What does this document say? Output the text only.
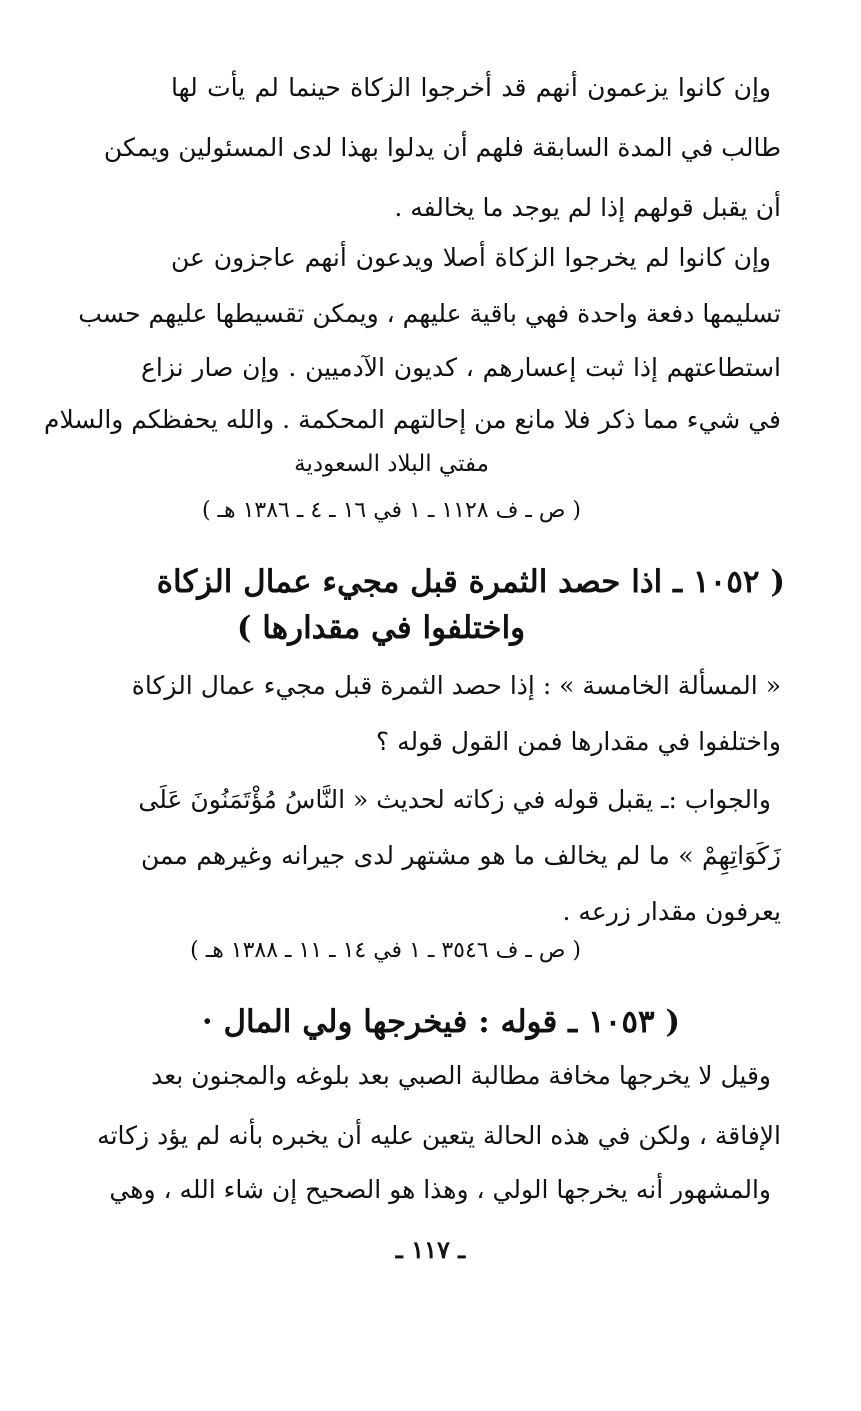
وإن كانوا يزعمون أنهم قد أخرجوا الزكاة حينما لم يأت لها
طالب في المدة السابقة فلهم أن يدلوا بهذا لدى المسئولين ويمكن
أن يقبل قولهم إذا لم يوجد ما يخالفه .
وإن كانوا لم يخرجوا الزكاة أصلا ويدعون أنهم عاجزون عن
تسليمها دفعة واحدة فهي باقية عليهم ، ويمكن تقسيطها عليهم حسب
استطاعتهم إذا ثبت إعسارهم ، كديون الآدميين . وإن صار نزاع
في شيء مما ذكر فلا مانع من إحالتهم المحكمة . والله يحفظكم والسلام
مفتي البلاد السعودية
( ص ـ ف ١١٢٨ ـ ١ في ١٦ ـ ٤ ـ ١٣٨٦ هـ )
( ١٠٥٢ ـ اذا حصد الثمرة قبل مجيء عمال الزكاة
واختلفوا في مقدارها )
« المسألة الخامسة » : إذا حصد الثمرة قبل مجيء عمال الزكاة
واختلفوا في مقدارها فمن القول قوله ؟
والجواب :ـ يقبل قوله في زكاته لحديث « النَّاسُ مُؤْتَمَنُونَ عَلَى
زَكَوَاتِهِمْ » ما لم يخالف ما هو مشتهر لدى جيرانه وغيرهم ممن
يعرفون مقدار زرعه .
( ص ـ ف ٣٥٤٦ ـ ١ في ١٤ ـ ١١ ـ ١٣٨٨ هـ )
( ١٠٥٣ ـ قوله : فيخرجها ولي المال ·
وقيل لا يخرجها مخافة مطالبة الصبي بعد بلوغه والمجنون بعد
الإفاقة ، ولكن في هذه الحالة يتعين عليه أن يخبره بأنه لم يؤد زكاته
والمشهور أنه يخرجها الولي ، وهذا هو الصحيح إن شاء الله ، وهي
ـ ١١٧ ـ
